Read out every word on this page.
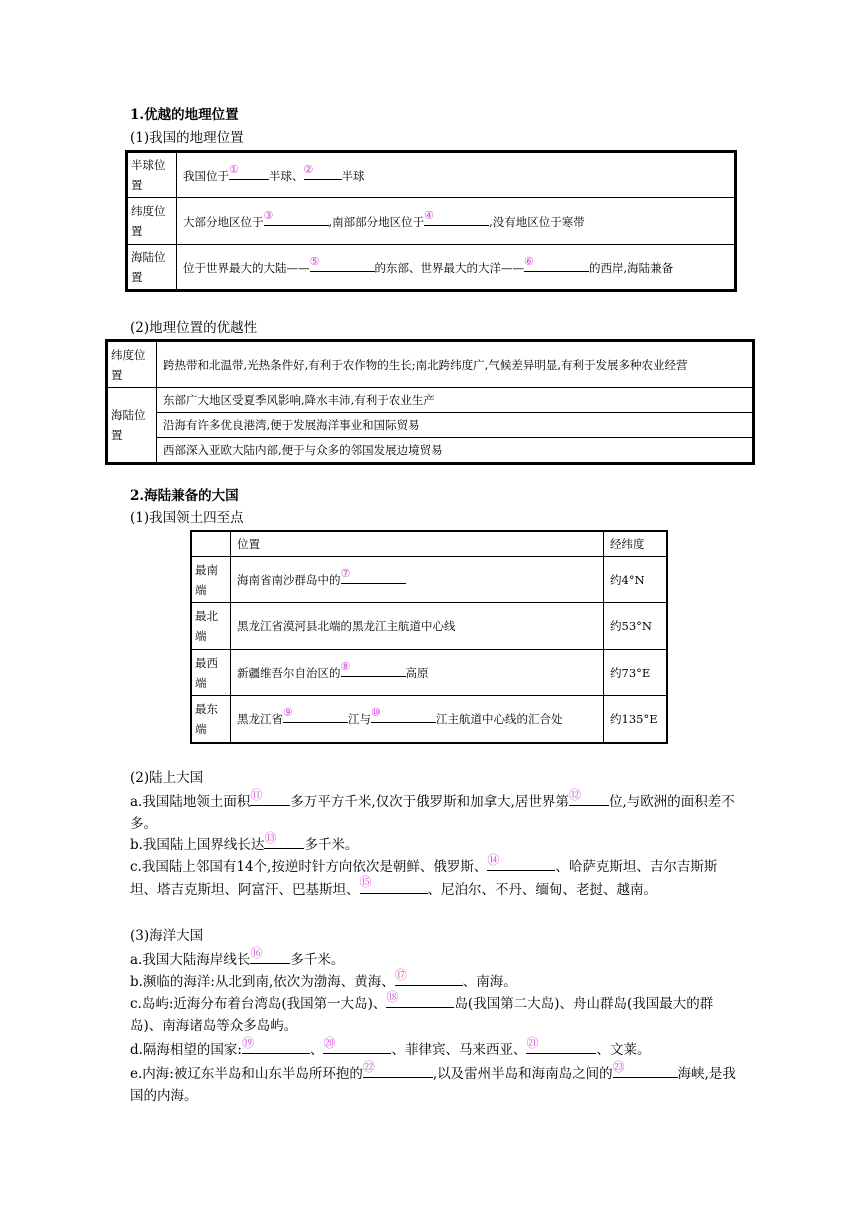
1.优越的地理位置
(1)我国的地理位置
半球位置	我国位于 ① 半球、 ② 半球
纬度位置	大部分地区位于 ③ ,南部部分地区位于 ④ ,没有地区位于寒带
海陆位置	位于世界最大的大陆—— ⑤ 的东部、世界最大的大洋—— ⑥ 的西岸,海陆兼备
(2)地理位置的优越性
纬度位置	跨热带和北温带,光热条件好,有利于农作物的生长;南北跨纬度广,气候差异明显,有利于发展多种农业经营
海陆位置	东部广大地区受夏季风影响,降水丰沛,有利于农业生产
	沿海有许多优良港湾,便于发展海洋事业和国际贸易
	西部深入亚欧大陆内部,便于与众多的邻国发展边境贸易
2.海陆兼备的大国
(1)我国领土四至点
	位置	经纬度
最南端	海南省南沙群岛中的 ⑦	约4°N
最北端	黑龙江省漠河县北端的黑龙江主航道中心线	约53°N
最西端	新疆维吾尔自治区的 ⑧ 高原	约73°E
最东端	黑龙江省 ⑨ 江与 ⑩ 江主航道中心线的汇合处	约135°E
(2)陆上大国
a.我国陆地领土面积 ⑪ 多万平方千米,仅次于俄罗斯和加拿大,居世界第 ⑫ 位,与欧洲的面积差不多。
b.我国陆上国界线长达 ⑬ 多千米。
c.我国陆上邻国有14个,按逆时针方向依次是朝鲜、俄罗斯、 ⑭	、哈萨克斯坦、吉尔吉斯斯坦、塔吉克斯坦、阿富汗、巴基斯坦、 ⑮	、尼泊尔、不丹、缅甸、老挝、越南。
(3)海洋大国
a.我国大陆海岸线长 ⑯ 多千米。
b.濒临的海洋:从北到南,依次为渤海、黄海、 ⑰	、南海。
c.岛屿:近海分布着台湾岛(我国第一大岛)、 ⑱	岛(我国第二大岛)、舟山群岛(我国最大的群岛)、南海诸岛等众多岛屿。
d.隔海相望的国家: ⑲	、 ⑳	、菲律宾、马来西亚、 ㉑	、文莱。
e.内海:被辽东半岛和山东半岛所环抱的 ㉒	,以及雷州半岛和海南岛之间的 ㉓	海峡,是我国的内海。
